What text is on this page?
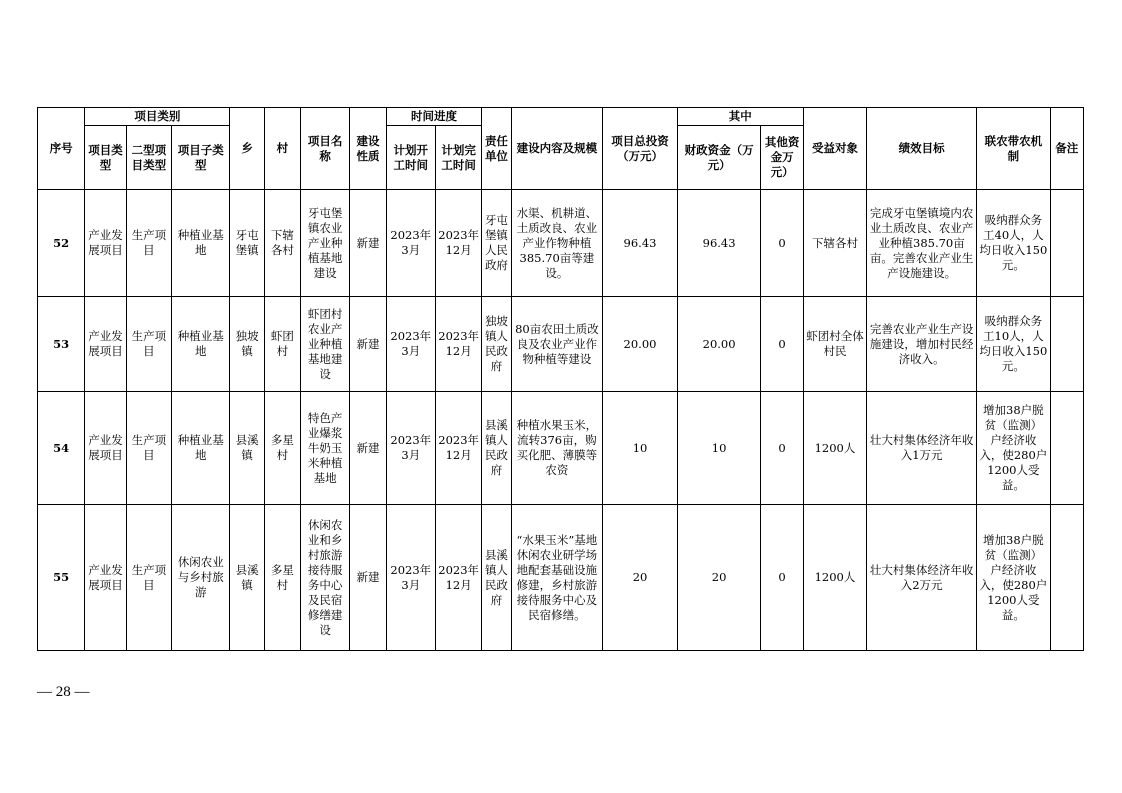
序号	项目类别			乡	村	项目名称	建设性质	时间进度		责任单位	建设内容及规模	项目总投资（万元）	其中		受益对象	绩效目标	联农带农机制	备注
	项目类型	二型项目类型	项目子类型					计划开工时间	计划完工时间				财政资金（万元）	其他资金万元）				
52	产业发展项目	生产项目	种植业基地	牙屯堡镇	下辖各村	牙屯堡镇农业产业种植基地建设	新建	2023年3月	2023年12月	牙屯堡镇人民政府	水渠、机耕道、土质改良、农业产业作物种植385.70亩等建设。	96.43	96.43	0	下辖各村	完成牙屯堡镇境内农业土质改良、农业产业种植385.70亩亩。完善农业产业生产设施建设。	吸纳群众务工40人，人均日收入150元。	
53	产业发展项目	生产项目	种植业基地	独坡镇	虾团村	虾团村农业产业种植基地建设	新建	2023年3月	2023年12月	独坡镇人民政府	80亩农田土质改良及农业产业作物种植等建设	20.00	20.00	0	虾团村全体村民	完善农业产业生产设施建设，增加村民经济收入。	吸纳群众务工10人，人均日收入150元。	
54	产业发展项目	生产项目	种植业基地	县溪镇	多星村	特色产业爆浆牛奶玉米种植基地	新建	2023年3月	2023年12月	县溪镇人民政府	种植水果玉米，流转376亩，购买化肥、薄膜等农资	10	10	0	1200人	壮大村集体经济年收入1万元	增加38户脱贫（监测）户经济收入，使280户1200人受益。	
55	产业发展项目	生产项目	休闲农业与乡村旅游	县溪镇	多星村	休闲农业和乡村旅游接待服务中心及民宿修缮建设	新建	2023年3月	2023年12月	县溪镇人民政府	“水果玉米”基地休闲农业研学场地配套基础设施修建，乡村旅游接待服务中心及民宿修缮。	20	20	0	1200人	壮大村集体经济年收入2万元	增加38户脱贫（监测）户经济收入，使280户1200人受益。	
— 28 —
